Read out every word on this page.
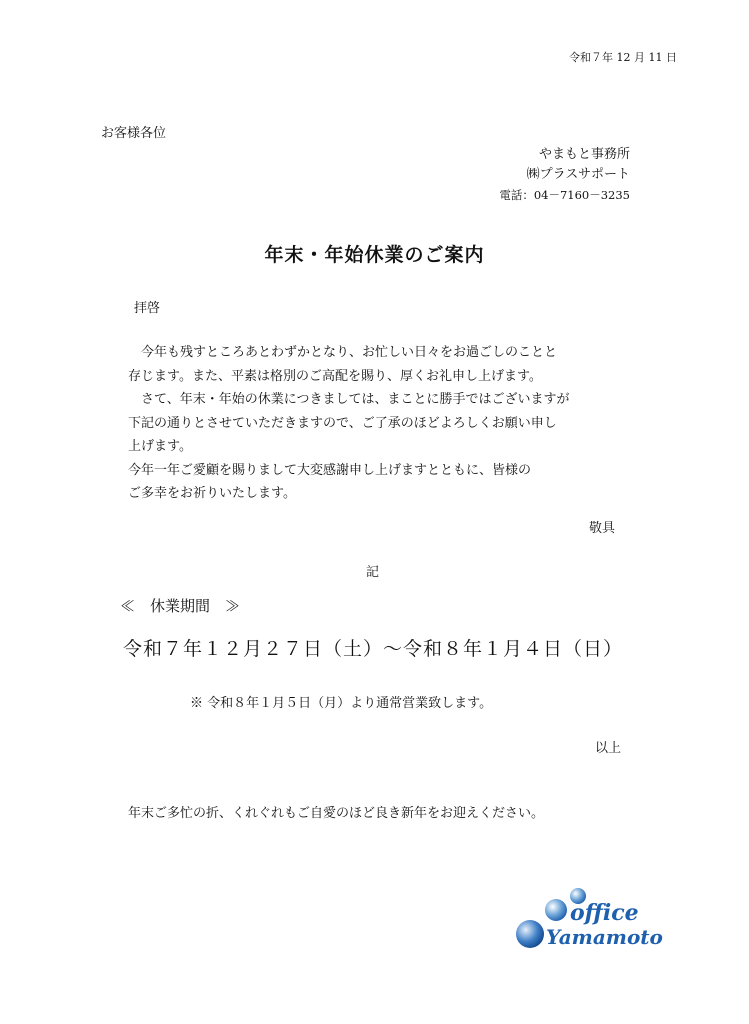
令和７年 12 月 11 日
お客様各位
やまもと事務所
㈱プラスサポート
電話：04－7160－3235
年末・年始休業のご案内
拝啓
　今年も残すところあとわずかとなり、お忙しい日々をお過ごしのことと
存じます。また、平素は格別のご高配を賜り、厚くお礼申し上げます。
　さて、年末・年始の休業につきましては、まことに勝手ではございますが
下記の通りとさせていただきますので、ご了承のほどよろしくお願い申し
上げます。
今年一年ご愛顧を賜りまして大変感謝申し上げますとともに、皆様の
ご多幸をお祈りいたします。
敬具
記
≪　休業期間　≫
令和７年１２月２７日（土）～令和８年１月４日（日）
※ 令和８年１月５日（月）より通常営業致します。
以上
年末ご多忙の折、くれぐれもご自愛のほど良き新年をお迎えください。
office
Yamamoto
